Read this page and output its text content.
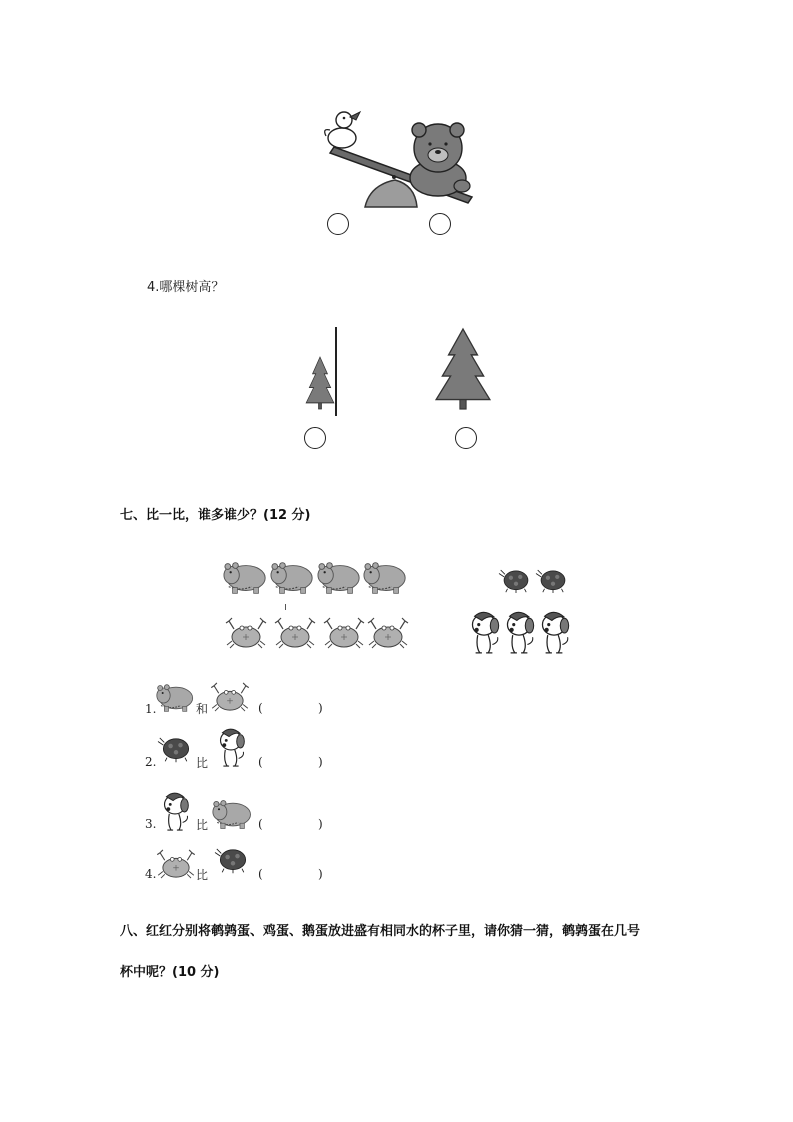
4.哪棵树高？
七、比一比，谁多谁少？(12 分)
1.	和	(	)
2.	比	(	)
3.	比	(	)
4.	比	(	)
八、红红分别将鹌鹑蛋、鸡蛋、鹅蛋放进盛有相同水的杯子里，请你猜一猜，鹌鹑蛋在几号
杯中呢？(10 分)
